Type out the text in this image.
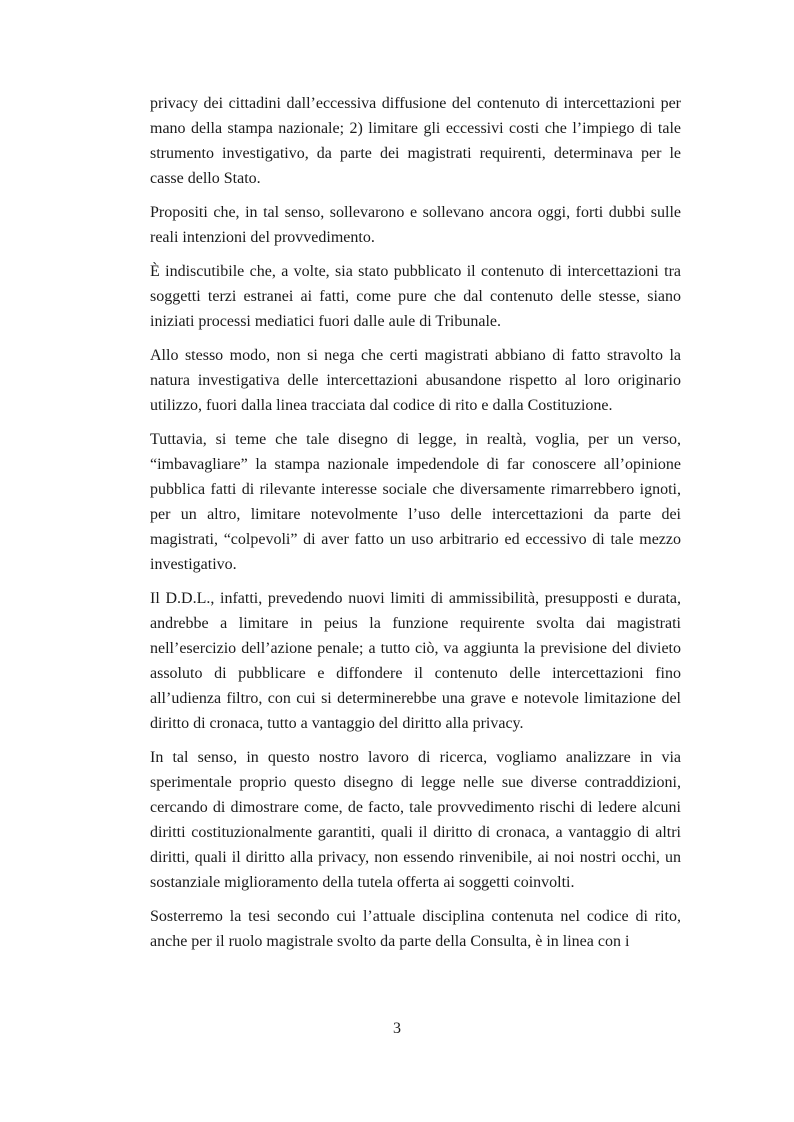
privacy dei cittadini dall’eccessiva diffusione del contenuto di intercettazioni per mano della stampa nazionale; 2) limitare gli eccessivi costi che l’impiego di tale strumento investigativo, da parte dei magistrati requirenti, determinava per le casse dello Stato.

Propositi che, in tal senso, sollevarono e sollevano ancora oggi, forti dubbi sulle reali intenzioni del provvedimento.

È indiscutibile che, a volte, sia stato pubblicato il contenuto di intercettazioni tra soggetti terzi estranei ai fatti, come pure che dal contenuto delle stesse, siano iniziati processi mediatici fuori dalle aule di Tribunale.

Allo stesso modo, non si nega che certi magistrati abbiano di fatto stravolto la natura investigativa delle intercettazioni abusandone rispetto al loro originario utilizzo, fuori dalla linea tracciata dal codice di rito e dalla Costituzione.

Tuttavia, si teme che tale disegno di legge, in realtà, voglia, per un verso, “imbavagliare” la stampa nazionale impedendole di far conoscere all’opinione pubblica fatti di rilevante interesse sociale che diversamente rimarrebbero ignoti, per un altro, limitare notevolmente l’uso delle intercettazioni da parte dei magistrati, “colpevoli” di aver fatto un uso arbitrario ed eccessivo di tale mezzo investigativo.

Il D.D.L., infatti, prevedendo nuovi limiti di ammissibilità, presupposti e durata, andrebbe a limitare in peius la funzione requirente svolta dai magistrati nell’esercizio dell’azione penale; a tutto ciò, va aggiunta la previsione del divieto assoluto di pubblicare e diffondere il contenuto delle intercettazioni fino all’udienza filtro, con cui si determinerebbe una grave e notevole limitazione del diritto di cronaca, tutto a vantaggio del diritto alla privacy.

In tal senso, in questo nostro lavoro di ricerca, vogliamo analizzare in via sperimentale proprio questo disegno di legge nelle sue diverse contraddizioni, cercando di dimostrare come, de facto, tale provvedimento rischi di ledere alcuni diritti costituzionalmente garantiti, quali il diritto di cronaca, a vantaggio di altri diritti, quali il diritto alla privacy, non essendo rinvenibile, ai noi nostri occhi, un sostanziale miglioramento della tutela offerta ai soggetti coinvolti.

Sosterremo la tesi secondo cui l’attuale disciplina contenuta nel codice di rito, anche per il ruolo magistrale svolto da parte della Consulta, è in linea con i

3
